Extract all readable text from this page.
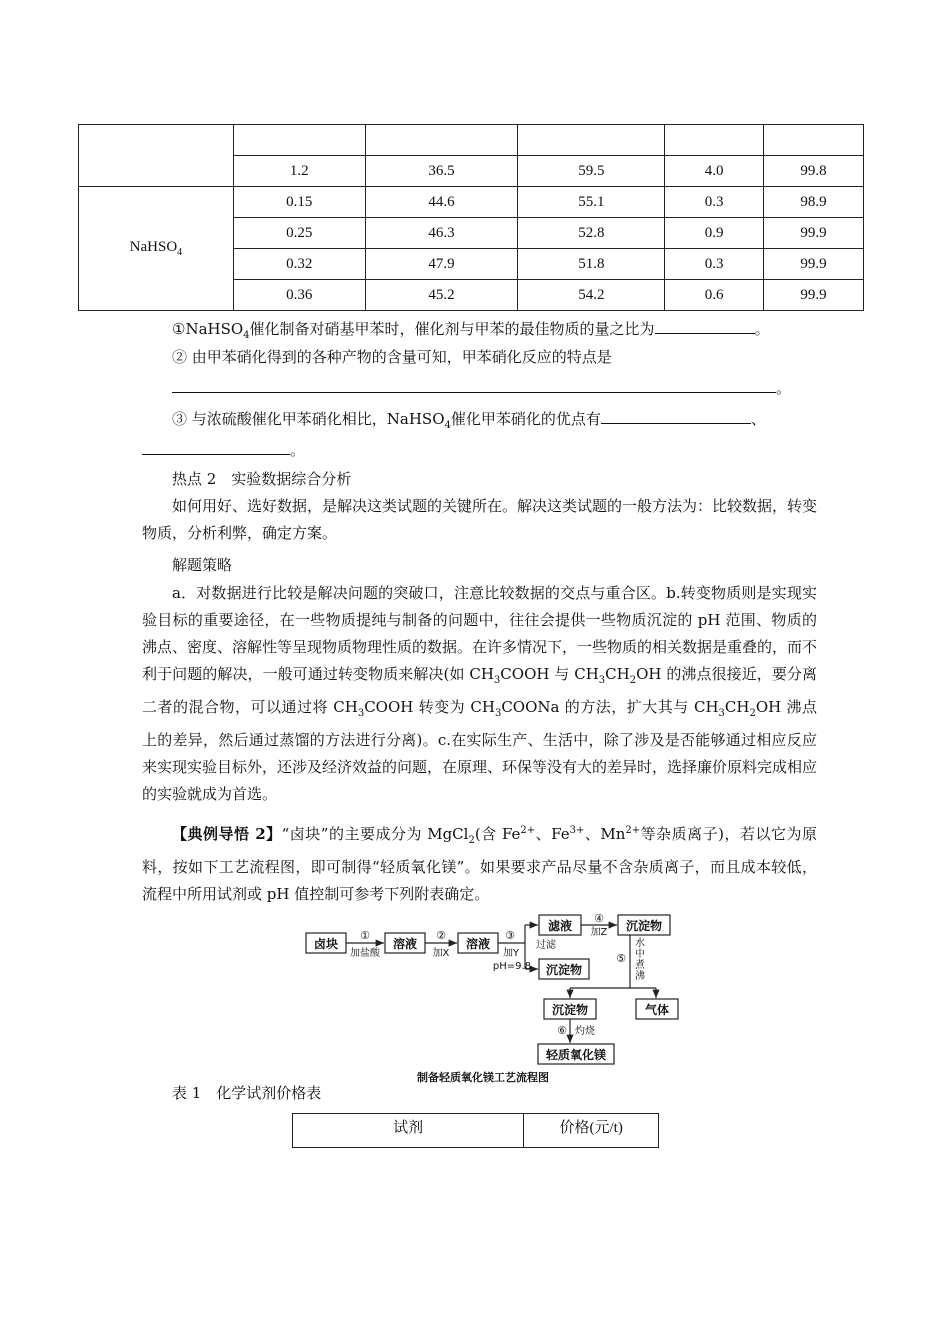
	1.2	36.5	59.5	4.0	99.8
NaHSO$_4$	0.15	44.6	55.1	0.3	98.9
	0.25	46.3	52.8	0.9	99.9
	0.32	47.9	51.8	0.3	99.9
	0.36	45.2	54.2	0.6	99.9
①NaHSO$_4$催化制备对硝基甲苯时，催化剂与甲苯的最佳物质的量之比为	。
② 由甲苯硝化得到的各种产物的含量可知，甲苯硝化反应的特点是
。
③ 与浓硫酸催化甲苯硝化相比，NaHSO$_4$催化甲苯硝化的优点有	、
。
热点 2　实验数据综合分析
如何用好、选好数据，是解决这类试题的关键所在。解决这类试题的一般方法为：比较数据，转变物质，分析利弊，确定方案。
解题策略
a．对数据进行比较是解决问题的突破口，注意比较数据的交点与重合区。b.转变物质则是实现实验目标的重要途径，在一些物质提纯与制备的问题中，往往会提供一些物质沉淀的 pH 范围、物质的沸点、密度、溶解性等呈现物质物理性质的数据。在许多情况下，一些物质的相关数据是重叠的，而不利于问题的解决，一般可通过转变物质来解决(如 $CH_3COOH$ 与 $CH_3CH_2OH$ 的沸点很接近，要分离二者的混合物，可以通过将 $CH_3COOH$ 转变为 $CH_3COONa$ 的方法，扩大其与 $CH_3CH_2OH$ 沸点上的差异，然后通过蒸馏的方法进行分离)。c.在实际生产、生活中，除了涉及是否能够通过相应反应来实现实验目标外，还涉及经济效益的问题，在原理、环保等没有大的差异时，选择廉价原料完成相应的实验就成为首选。
【典例导悟 2】“卤块”的主要成分为 MgCl$_2$(含 $Fe^{2+}$、$Fe^{3+}$、$Mn^{2+}$等杂质离子)，若以它为原料，按如下工艺流程图，即可制得“轻质氧化镁”。如果要求产品尽量不含杂质离子，而且成本较低，流程中所用试剂或 pH 值控制可参考下列附表确定。
卤块	溶液	溶液
滤液	沉淀物
沉淀物
沉淀物	气体
轻质氧化镁
①
加盐酸
②
加X
③
加Y
pH=9.8
过滤
④
加Z
⑤
水
中
煮
沸
⑥ 灼烧
制备轻质氧化镁工艺流程图
表 1　化学试剂价格表
试剂	价格(元/t)
